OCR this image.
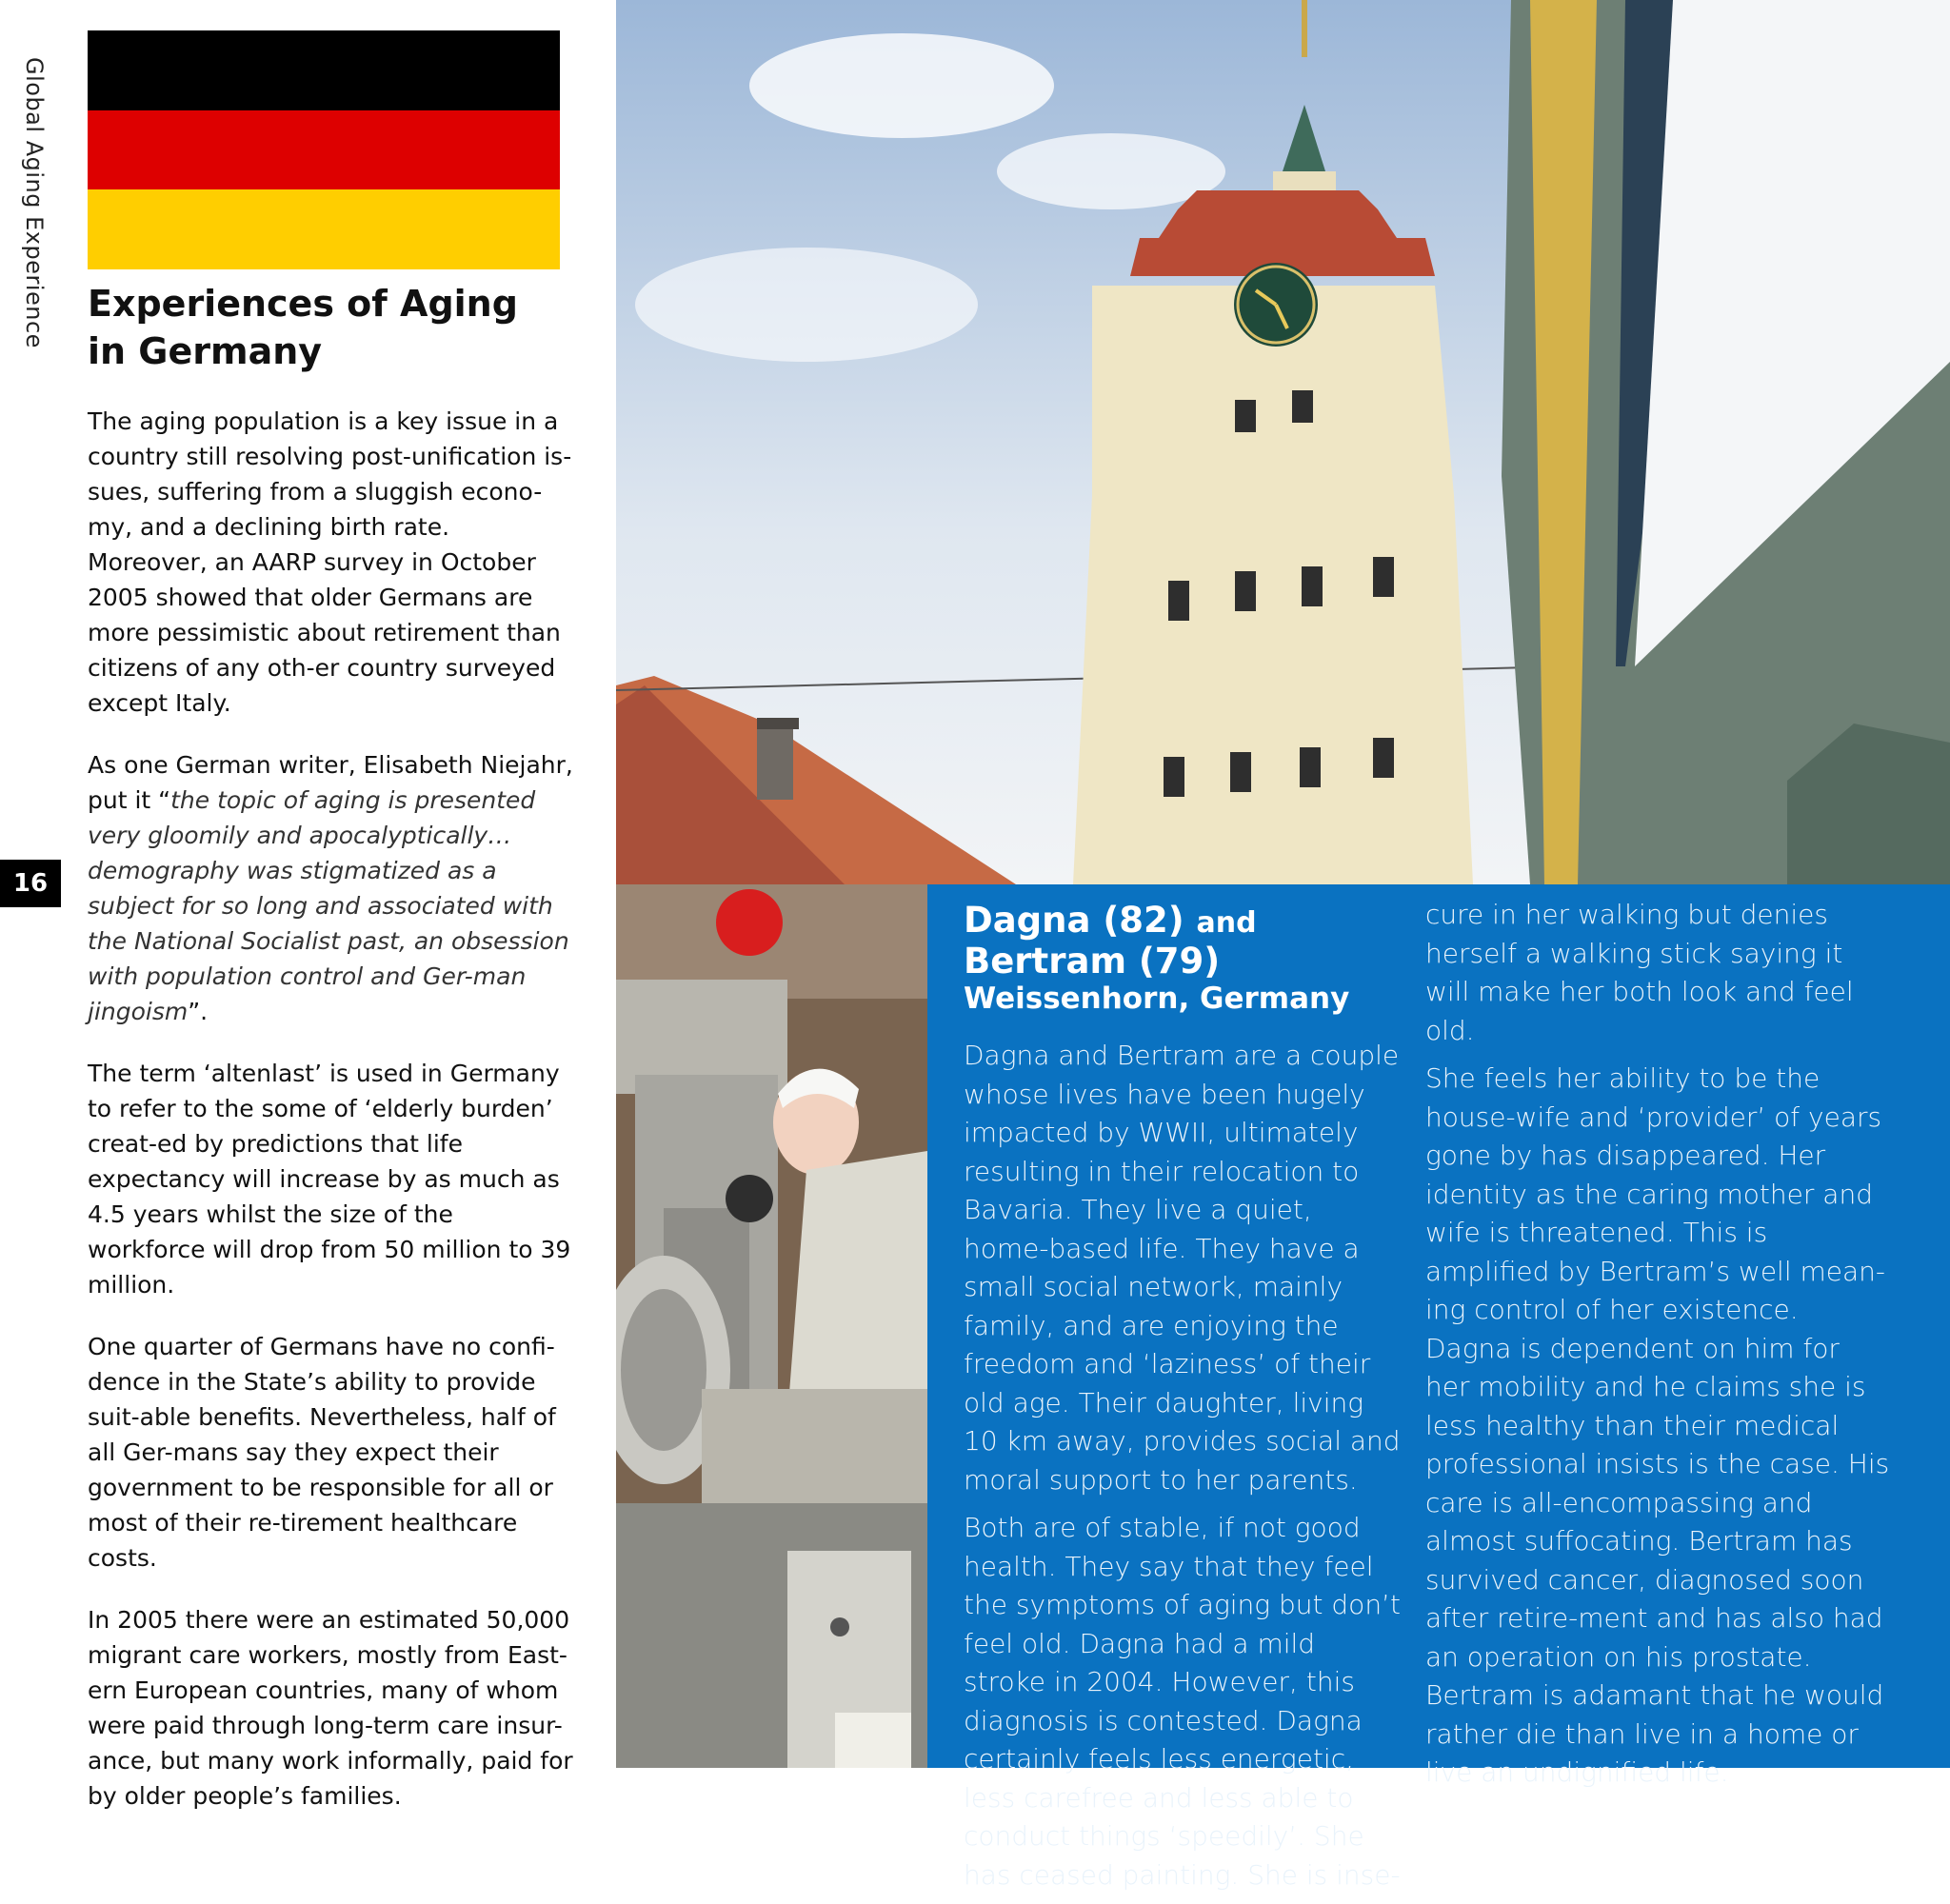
Global Aging Experience
16
Experiences of Aging
in Germany

The aging population is a key issue in a country still resolving post-unification is-sues, suffering from a sluggish econo-my, and a declining birth rate. Moreover, an AARP survey in October 2005 showed that older Germans are more pessimistic about retirement than citizens of any oth-er country surveyed except Italy.

As one German writer, Elisabeth Niejahr, put it “the topic of aging is presented very gloomily and apocalyptically… demography was stigmatized as a subject for so long and associated with the National Socialist past, an obsession with population control and Ger-man jingoism”.

The term ‘altenlast’ is used in Germany to refer to the some of ‘elderly burden’ creat-ed by predictions that life expectancy will increase by as much as 4.5 years whilst the size of the workforce will drop from 50 million to 39 million.

One quarter of Germans have no confi-dence in the State’s ability to provide suit-able benefits. Nevertheless, half of all Ger-mans say they expect their government to be responsible for all or most of their re-tirement healthcare costs.

In 2005 there were an estimated 50,000 migrant care workers, mostly from East-ern European countries, many of whom were paid through long-term care insur-ance, but many work informally, paid for by older people’s families.

Dagna (82) and
Bertram (79)
Weissenhorn, Germany

Dagna and Bertram are a couple whose lives have been hugely impacted by WWII, ultimately resulting in their relocation to Bavaria. They live a quiet, home-based life. They have a small social network, mainly family, and are enjoying the freedom and ‘laziness’ of their old age. Their daughter, living 10 km away, provides social and moral support to her parents.

Both are of stable, if not good health. They say that they feel the symptoms of aging but don’t feel old. Dagna had a mild stroke in 2004. However, this diagnosis is contested. Dagna certainly feels less energetic, less carefree and less able to conduct things ‘speedily’. She has ceased painting. She is inse-

cure in her walking but denies herself a walking stick saying it will make her both look and feel old.

She feels her ability to be the house-wife and ‘provider’ of years gone by has disappeared. Her identity as the caring mother and wife is threatened. This is amplified by Bertram’s well mean-ing control of her existence. Dagna is dependent on him for her mobility and he claims she is less healthy than their medical professional insists is the case. His care is all-encompassing and almost suffocating. Bertram has survived cancer, diagnosed soon after retire-ment and has also had an operation on his prostate. Bertram is adamant that he would rather die than live in a home or live an undignified life.
